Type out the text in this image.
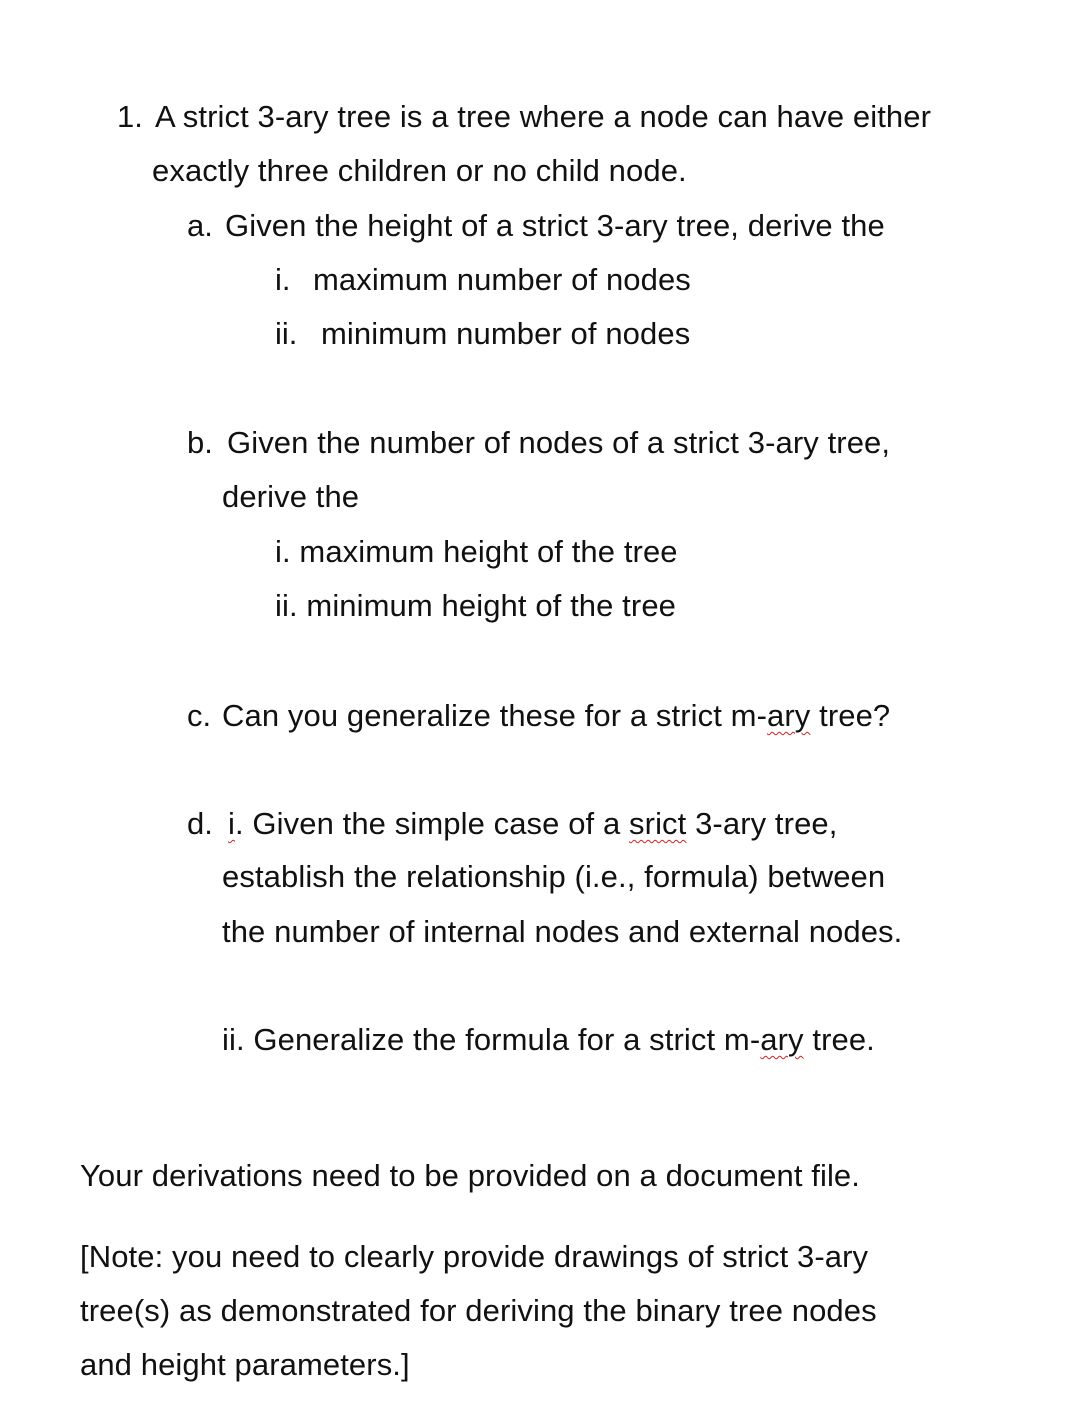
1. A strict 3-ary tree is a tree where a node can have either
exactly three children or no child node.
a. Given the height of a strict 3-ary tree, derive the
i. maximum number of nodes
ii. minimum number of nodes
b. Given the number of nodes of a strict 3-ary tree,
derive the
i. maximum height of the tree
ii. minimum height of the tree
c. Can you generalize these for a strict m-ary tree?
d. i. Given the simple case of a srict 3-ary tree,
establish the relationship (i.e., formula) between
the number of internal nodes and external nodes.
ii. Generalize the formula for a strict m-ary tree.
Your derivations need to be provided on a document file.
[Note: you need to clearly provide drawings of strict 3-ary
tree(s) as demonstrated for deriving the binary tree nodes
and height parameters.]
